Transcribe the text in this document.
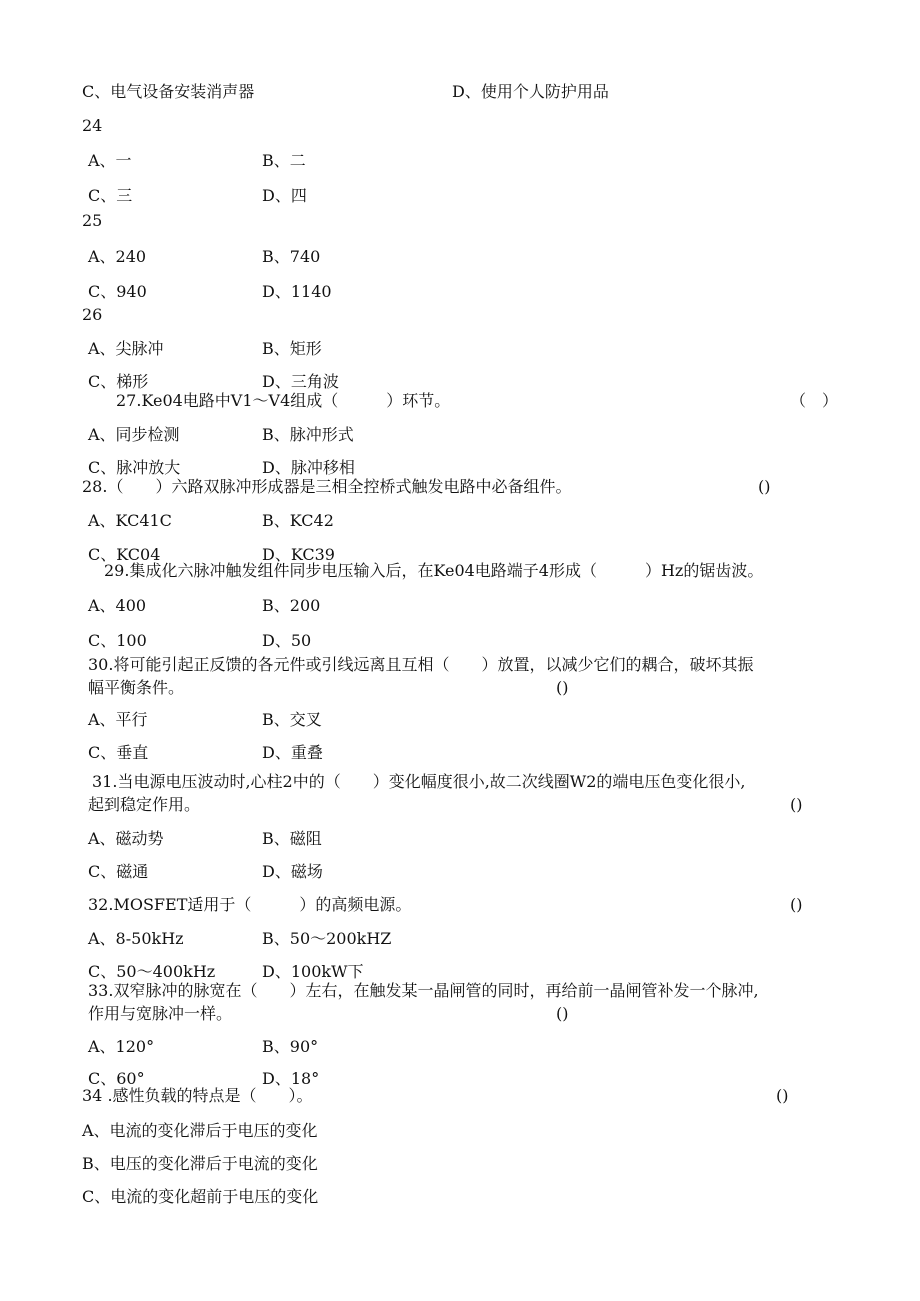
C、电气设备安装消声器	D、使用个人防护用品
24
A、一	B、二
C、三	D、四
25
A、240	B、740
C、940	D、1140
26
A、尖脉冲	B、矩形
C、梯形	D、三角波
27.Ke04电路中V1～V4组成（　　　）环节。	（　）
A、同步检测	B、脉冲形式
C、脉冲放大	D、脉冲移相
28.（　　）六路双脉冲形成器是三相全控桥式触发电路中必备组件。	()
A、KC41C	B、KC42
C、KC04	D、KC39
29.集成化六脉冲触发组件同步电压输入后，在Ke04电路端子4形成（　　　）Hz的锯齿波。
A、400	B、200
C、100	D、50
30.将可能引起正反馈的各元件或引线远离且互相（　　）放置，以减少它们的耦合，破坏其振
幅平衡条件。	()
A、平行	B、交叉
C、垂直	D、重叠
31.当电源电压波动时,心柱2中的（　　）变化幅度很小,故二次线圈W2的端电压色变化很小,
起到稳定作用。	()
A、磁动势	B、磁阻
C、磁通	D、磁场
32.MOSFET适用于（　　　）的高频电源。	()
A、8-50kHz	B、50～200kHZ
C、50～400kHz	D、100kW下
33.双窄脉冲的脉宽在（　　）左右，在触发某一晶闸管的同时，再给前一晶闸管补发一个脉冲,
作用与宽脉冲一样。	()
A、120°	B、90°
C、60°	D、18°
34 .感性负载的特点是（　　）。	()
A、电流的变化滞后于电压的变化
B、电压的变化滞后于电流的变化
C、电流的变化超前于电压的变化
